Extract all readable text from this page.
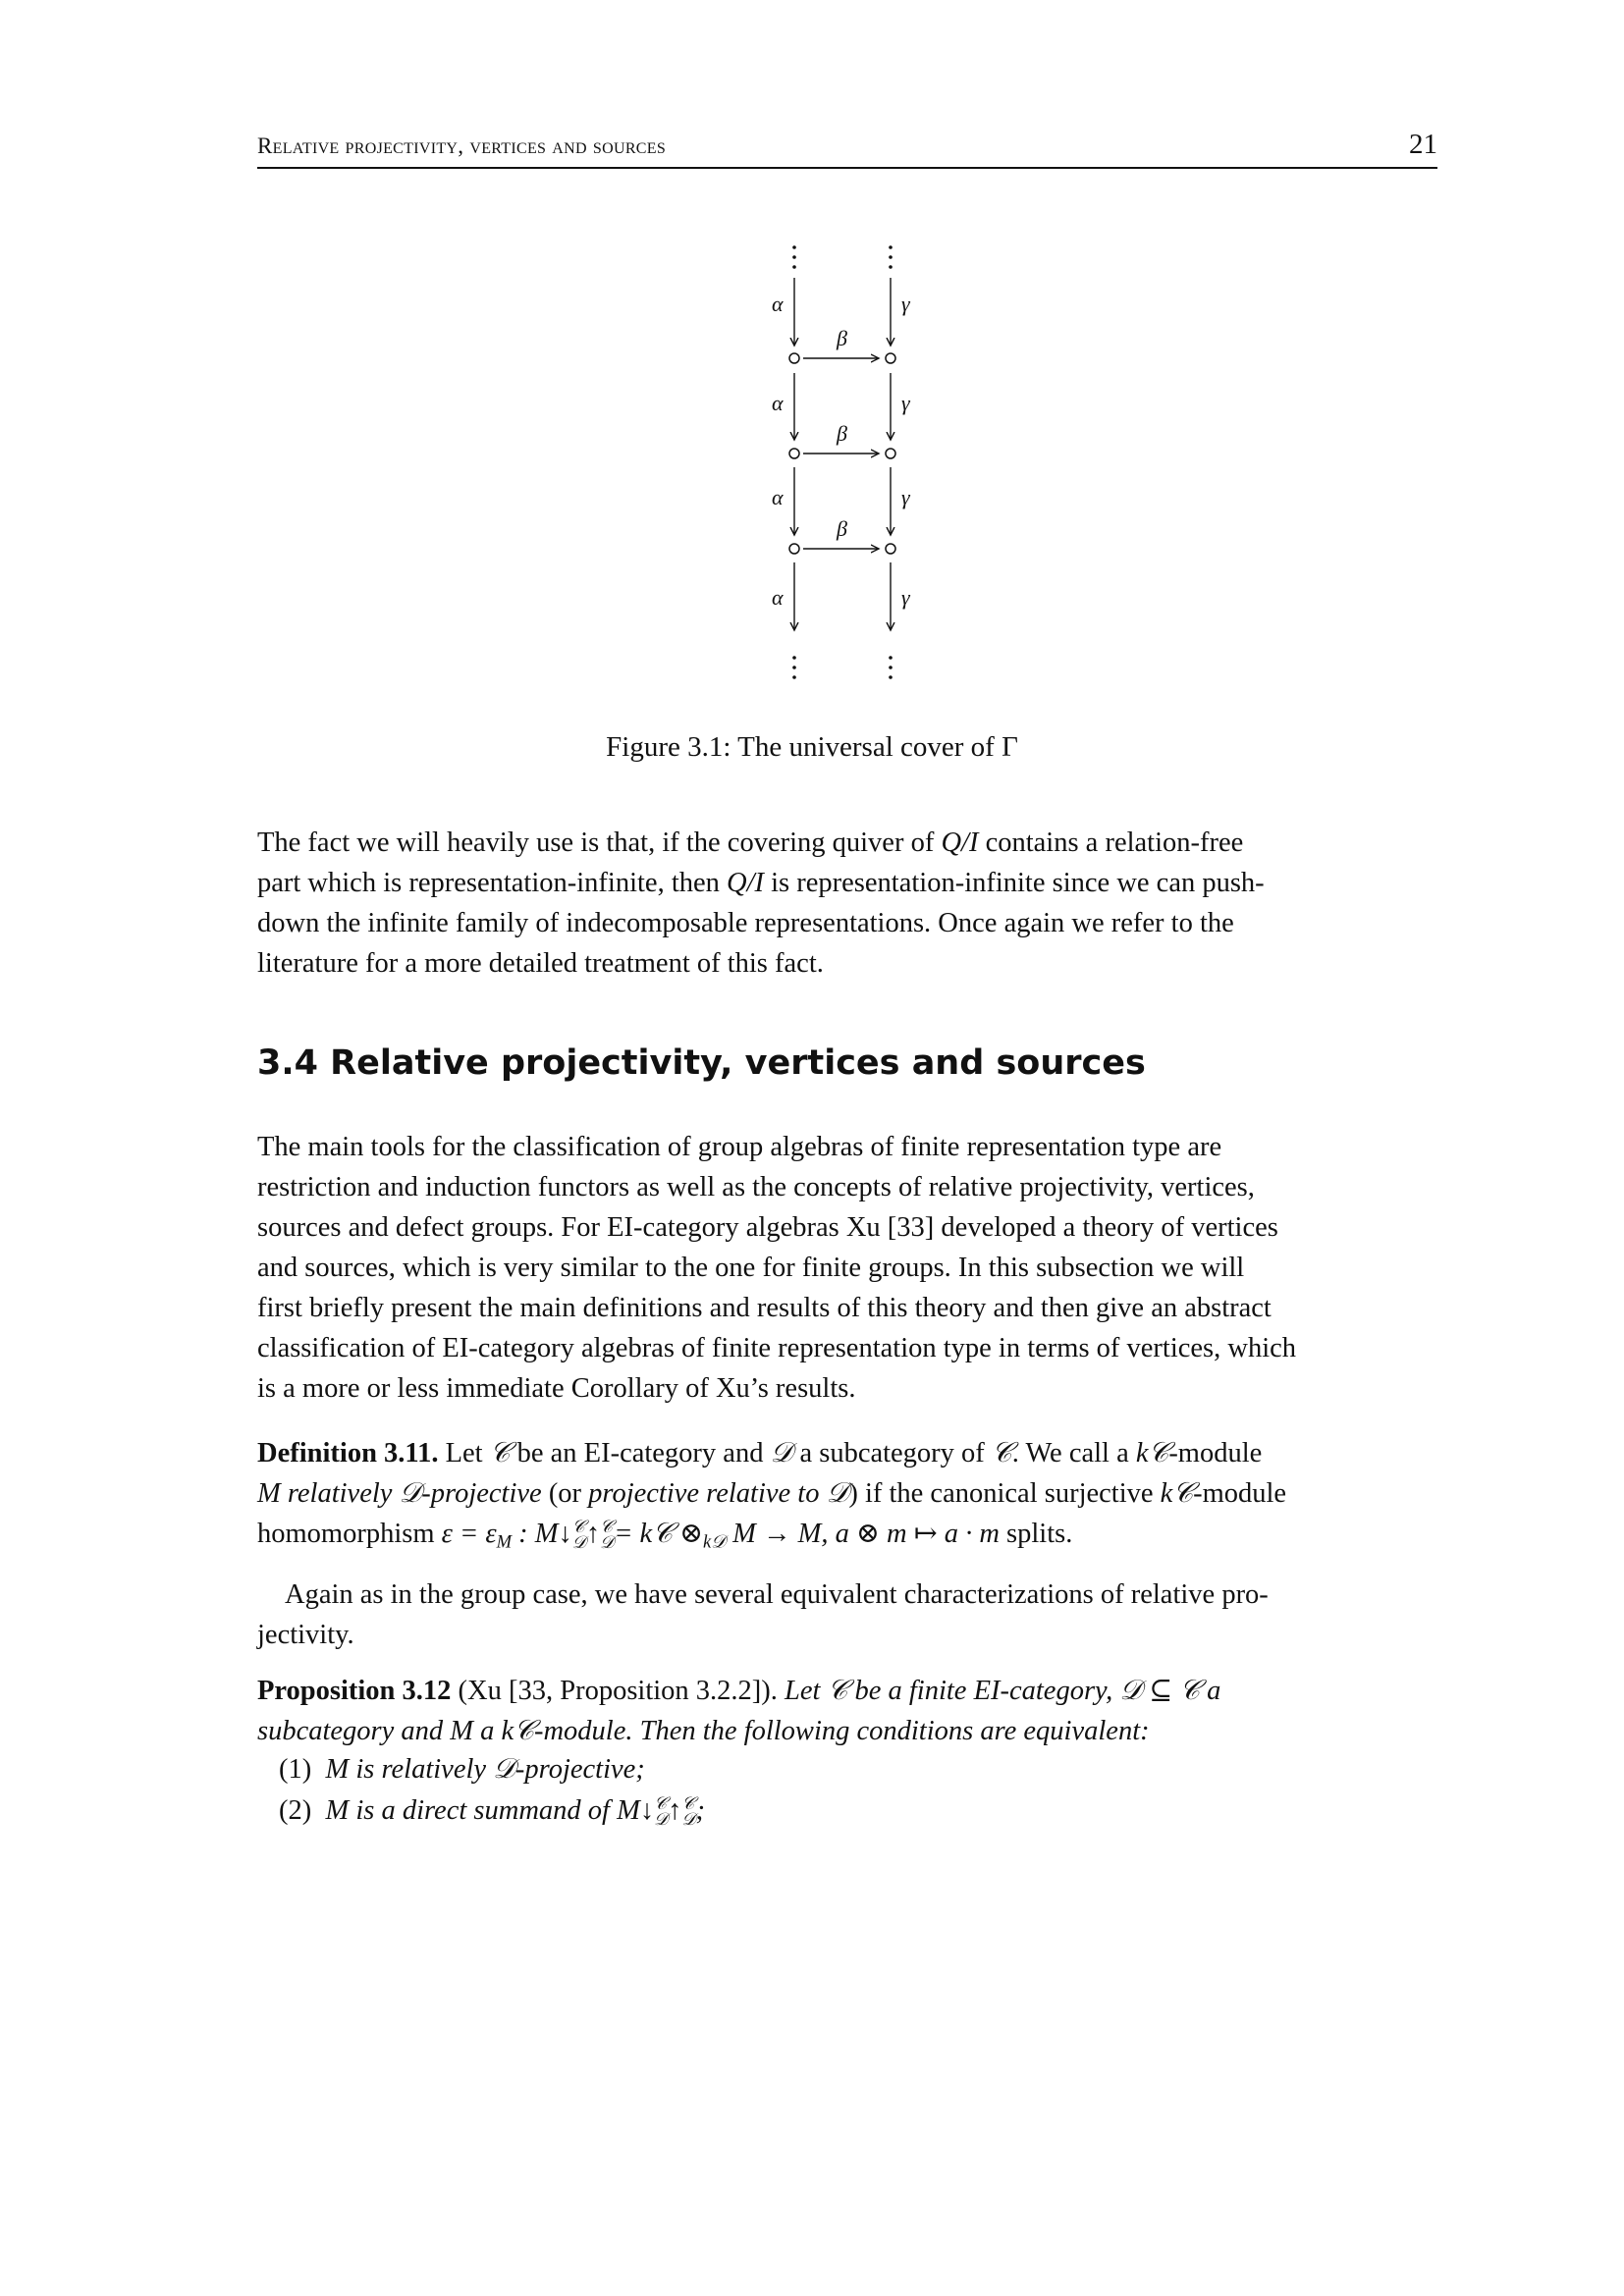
Relative projectivity, vertices and sources	21
α
α
α
α
γ
γ
γ
γ
β
β
β
Figure 3.1: The universal cover of Γ
The fact we will heavily use is that, if the covering quiver of Q/I contains a relation-free
part which is representation-infinite, then Q/I is representation-infinite since we can push-
down the infinite family of indecomposable representations. Once again we refer to the
literature for a more detailed treatment of this fact.
3.4 Relative projectivity, vertices and sources
The main tools for the classification of group algebras of finite representation type are
restriction and induction functors as well as the concepts of relative projectivity, vertices,
sources and defect groups. For EI-category algebras Xu [33] developed a theory of vertices
and sources, which is very similar to the one for finite groups. In this subsection we will
first briefly present the main definitions and results of this theory and then give an abstract
classification of EI-category algebras of finite representation type in terms of vertices, which
is a more or less immediate Corollary of Xu’s results.
Definition 3.11. Let 𝒞 be an EI-category and 𝒟 a subcategory of 𝒞. We call a k𝒞-module
M relatively 𝒟-projective (or projective relative to 𝒟) if the canonical surjective k𝒞-module
homomorphism $\varepsilon = \varepsilon_M$ : M↓𝒞
𝒟↑𝒞
𝒟= k𝒞 $\otimes_{k𝒟}$ M → M, a ⊗ m ↦ a · m splits.
Again as in the group case, we have several equivalent characterizations of relative pro-
jectivity.
Proposition 3.12 (Xu [33, Proposition 3.2.2]). Let 𝒞 be a finite EI-category, 𝒟 ⊆ 𝒞 a
subcategory and M a k𝒞-module. Then the following conditions are equivalent:
(1) M is relatively 𝒟-projective;
(2) M is a direct summand of M↓𝒞
𝒟↑𝒞
𝒟;
